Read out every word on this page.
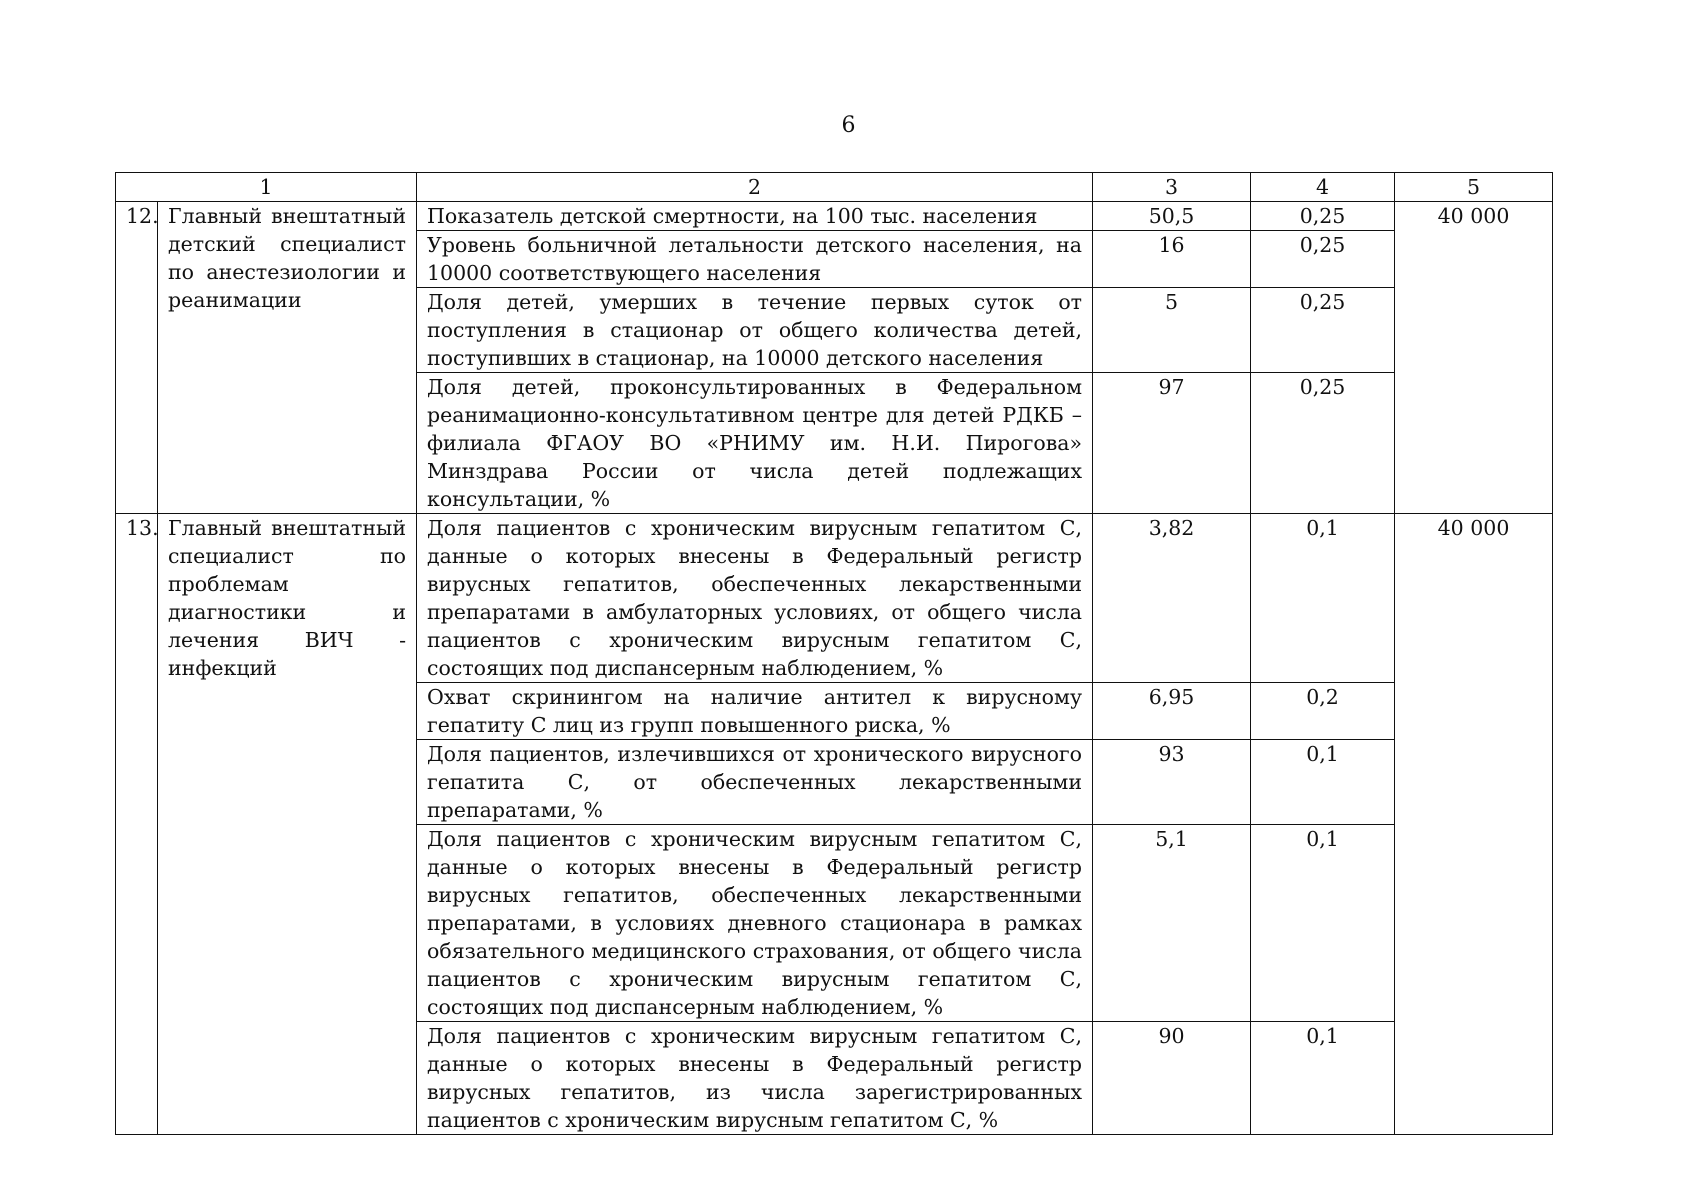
6
1		2	3	4	5
12.	Главный внештатный детский специалист по анестезиологии и реанимации	Показатель детской смертности, на 100 тыс. населения	50,5	0,25	40 000

		Уровень больничной летальности детского населения, на 10000 соответствующего населения	16	0,25	

		Доля детей, умерших в течение первых суток от поступления в стационар от общего количества детей, поступивших в стационар, на 10000 детского населения	5	0,25	

		Доля детей, проконсультированных в Федеральном реанимационно-консультативном центре для детей РДКБ – филиала ФГАОУ ВО «РНИМУ им. Н.И. Пирогова» Минздрава России от числа детей подлежащих консультации, %	97	0,25	
13.	Главный внештатный специалист по проблемам диагностики и лечения ВИЧ - инфекций	Доля пациентов с хроническим вирусным гепатитом С, данные о которых внесены в Федеральный регистр вирусных гепатитов, обеспеченных лекарственными препаратами в амбулаторных условиях, от общего числа пациентов с хроническим вирусным гепатитом С, состоящих под диспансерным наблюдением, %	3,82	0,1	40 000

		Охват скринингом на наличие антител к вирусному гепатиту С лиц из групп повышенного риска, %	6,95	0,2	

		Доля пациентов, излечившихся от хронического вирусного гепатита С, от обеспеченных лекарственными препаратами, %	93	0,1	

		Доля пациентов с хроническим вирусным гепатитом С, данные о которых внесены в Федеральный регистр вирусных гепатитов, обеспеченных лекарственными препаратами, в условиях дневного стационара в рамках обязательного медицинского страхования, от общего числа пациентов с хроническим вирусным гепатитом С, состоящих под диспансерным наблюдением, %	5,1	0,1	

		Доля пациентов с хроническим вирусным гепатитом С, данные о которых внесены в Федеральный регистр вирусных гепатитов, из числа зарегистрированных пациентов с хроническим вирусным гепатитом С, %	90	0,1	
